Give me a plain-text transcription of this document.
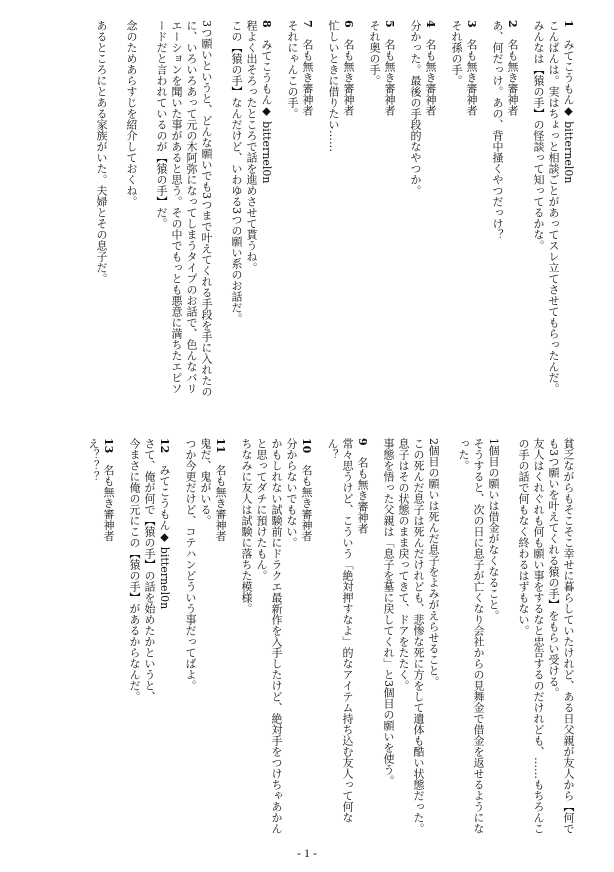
1　みてこうもん◆ bitternel0n
こんばんは。実はちょっと相談ごとがあってスレ立てさせてもらったんだ。
みんなは【猿の手】の怪談って知ってるかな。
2　名も無き審神者
あ、何だっけ。あの、背中掻くやつだっけ？
3　名も無き審神者
それ孫の手。
4　名も無き審神者
分かった。最後の手段的なやつか。
5　名も無き審神者
それ奥の手。
6　名も無き審神者
忙しいときに借りたい……
7　名も無き審神者
それにゃんこの手。
8　みてこうもん◆ bitternel0n
程よく出そろったところで話を進めさせて貰うね。
この【猿の手】なんだけど、いわゆる3つの願い系のお話だ。

3つ願いというと、どんな願いでも3つまで叶えてくれる手段を手に入れたのに、いろいろあって元の木阿弥になってしまうタイプのお話で、色んなバリエーションを聞いた事があると思う。その中でもっとも悪意に満ちたエピソードだと言われているのが【猿の手】だ。

念のためあらすじを紹介しておくね。

あるところにとある家族がいた。夫婦とその息子だ。
貧乏ながらもそこそこ幸せに暮らしていたけれど、ある日父親が友人から【何でも3つ願いを叶えてくれる猿の手】をもらい受ける。
友人はくれぐれも何も願い事をするなと忠告するのだけれども、……もちろんこの手の話で何もなく終わるはずもない。

1個目の願いは借金がなくなること。
そうすると、次の日に息子が亡くなり会社からの見舞金で借金を返せるようになった。

2個目の願いは死んだ息子をよみがえらせること。
この死んだ息子は死んだけれども、悲惨な死に方をして遺体も酷い状態だった。
息子はその状態のまま戻ってきて、ドアをたたく。
事態を悟った父親は「息子を墓に戻してくれ」と3個目の願いを使う。
9　名も無き審神者
常々思うけど、こういう「絶対押すなよ」的なアイテム持ち込む友人って何なん？
10　名も無き審神者
分からないでもない。
かもしれない試験前にドラクエ最新作を入手したけど、絶対手をつけちゃあかんと思ってダチに預けたもん。
ちなみに友人は試験に落ちた模様。
11　名も無き審神者
鬼だ、鬼がいる。
つか今更だけど、コテハンどういう事だってばよ。
12　みてこうもん◆ bitternel0n
さて、俺が何で【猿の手】の話を始めたかというと、
今まさに俺の元にこの【猿の手】があるからなんだ。
13　名も無き審神者
え？？？
- 1 -
